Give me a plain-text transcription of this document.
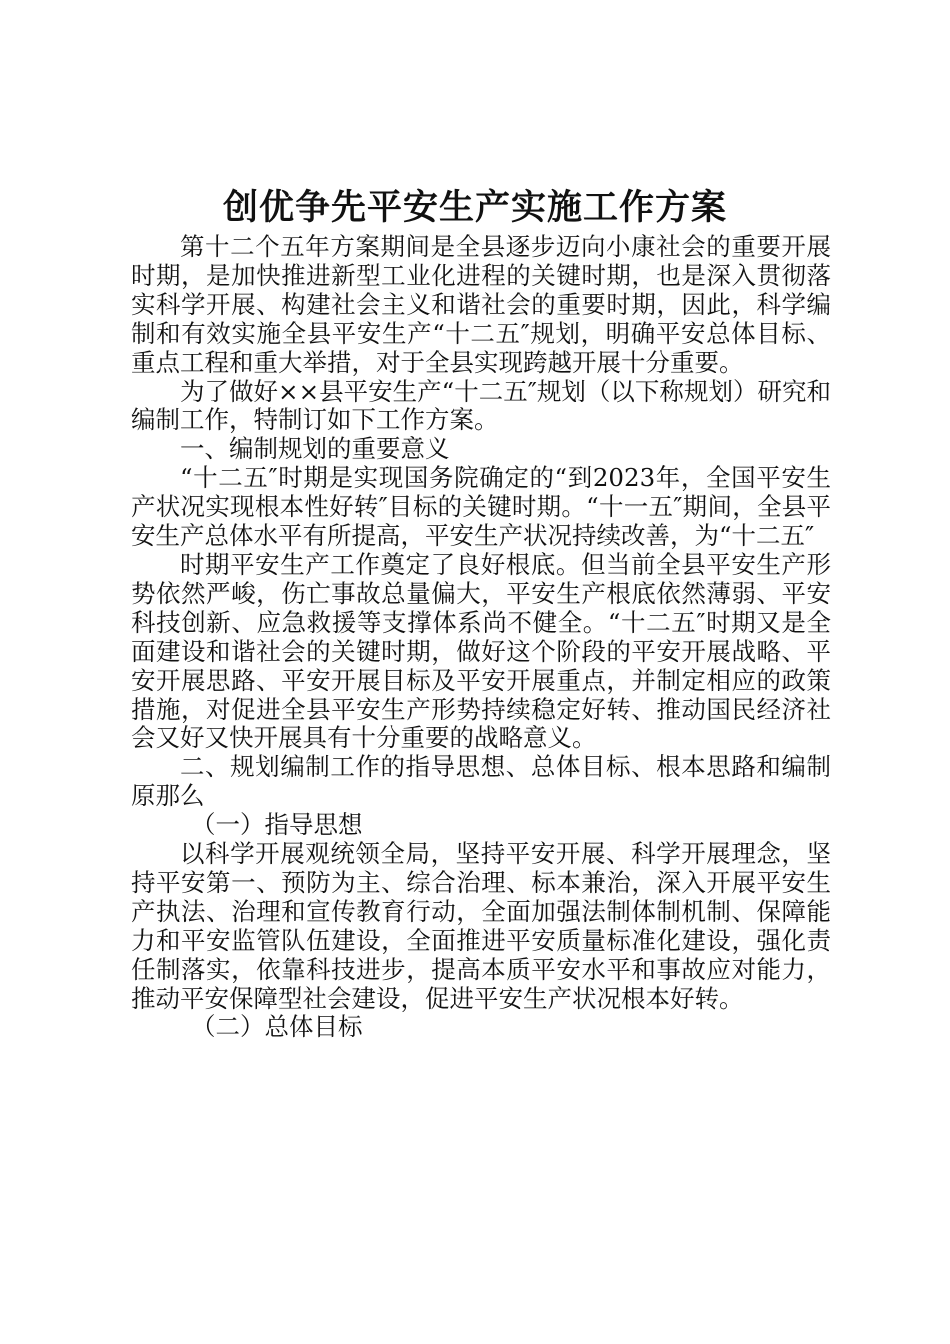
创优争先平安生产实施工作方案

第十二个五年方案期间是全县逐步迈向小康社会的重要开展时期，是加快推进新型工业化进程的关键时期，也是深入贯彻落实科学开展、构建社会主义和谐社会的重要时期，因此，科学编制和有效实施全县平安生产“十二五″规划，明确平安总体目标、重点工程和重大举措，对于全县实现跨越开展十分重要。

为了做好××县平安生产“十二五″规划（以下称规划）研究和编制工作，特制订如下工作方案。

一、编制规划的重要意义

“十二五″时期是实现国务院确定的“到2023年，全国平安生产状况实现根本性好转″目标的关键时期。“十一五″期间，全县平安生产总体水平有所提高，平安生产状况持续改善，为“十二五″

时期平安生产工作奠定了良好根底。但当前全县平安生产形势依然严峻，伤亡事故总量偏大，平安生产根底依然薄弱、平安科技创新、应急救援等支撑体系尚不健全。“十二五″时期又是全面建设和谐社会的关键时期，做好这个阶段的平安开展战略、平安开展思路、平安开展目标及平安开展重点，并制定相应的政策措施，对促进全县平安生产形势持续稳定好转、推动国民经济社会又好又快开展具有十分重要的战略意义。

二、规划编制工作的指导思想、总体目标、根本思路和编制原那么

（一）指导思想

以科学开展观统领全局，坚持平安开展、科学开展理念，坚持平安第一、预防为主、综合治理、标本兼治，深入开展平安生产执法、治理和宣传教育行动，全面加强法制体制机制、保障能力和平安监管队伍建设，全面推进平安质量标准化建设，强化责任制落实，依靠科技进步，提高本质平安水平和事故应对能力，推动平安保障型社会建设，促进平安生产状况根本好转。

（二）总体目标
